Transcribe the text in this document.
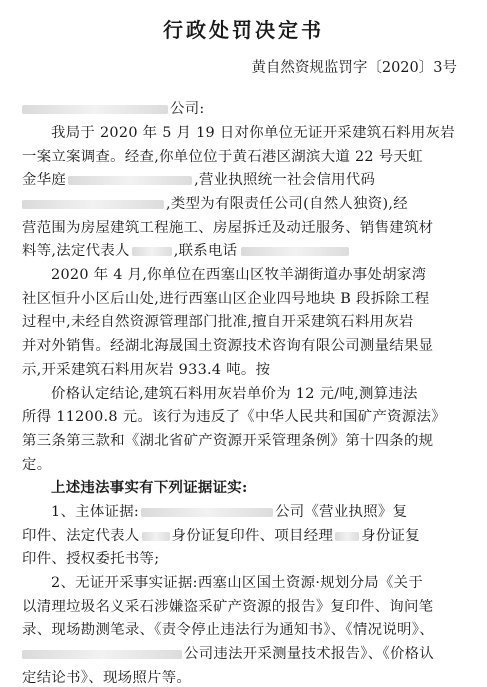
行政处罚决定书
黄自然资规监罚字〔2020〕3号
公司:
我局于 2020 年 5 月 19 日对你单位无证开采建筑石料用灰岩
一案立案调查。经查,你单位位于黄石港区湖滨大道 22 号天虹
金华庭	,营业执照统一社会信用代码
,类型为有限责任公司(自然人独资),经
营范围为房屋建筑工程施工、房屋拆迁及动迁服务、销售建筑材
料等,法定代表人	,联系电话
2020 年 4 月,你单位在西塞山区牧羊湖街道办事处胡家湾
社区恒升小区后山处,进行西塞山区企业四号地块 B 段拆除工程
过程中,未经自然资源管理部门批准,擅自开采建筑石料用灰岩
并对外销售。经湖北海晟国土资源技术咨询有限公司测量结果显
示,开采建筑石料用灰岩 933.4 吨。按
价格认定结论,建筑石料用灰岩单价为 12 元/吨,测算违法
所得 11200.8 元。该行为违反了《中华人民共和国矿产资源法》
第三条第三款和《湖北省矿产资源开采管理条例》第十四条的规
定。
上述违法事实有下列证据证实:
1、主体证据:	公司《营业执照》复
印件、法定代表人 身份证复印件、项目经理 身份证复
印件、授权委托书等;
2、无证开采事实证据:西塞山区国土资源·规划分局《关于
以清理垃圾名义采石涉嫌盗采矿产资源的报告》复印件、询问笔
录、现场勘测笔录、《责令停止违法行为通知书》、《情况说明》、
公司违法开采测量技术报告》、《价格认
定结论书》、现场照片等。
